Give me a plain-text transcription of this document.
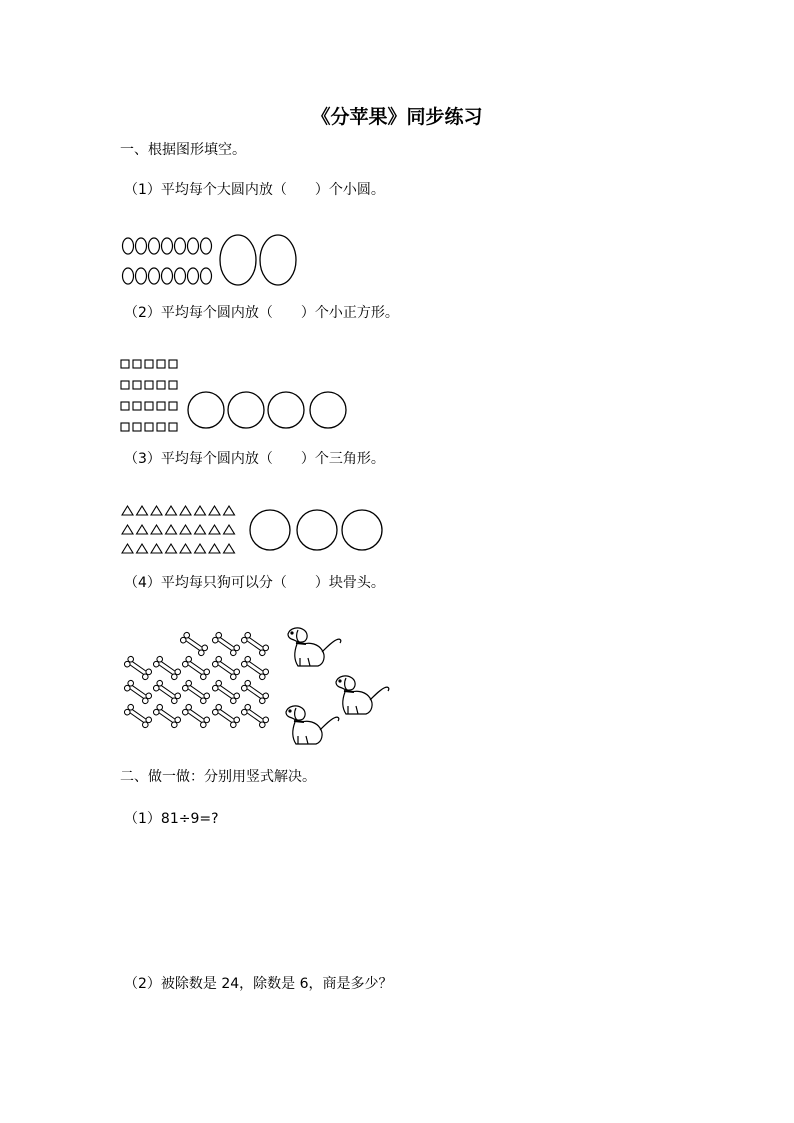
《分苹果》同步练习
一、根据图形填空。
（1）平均每个大圆内放（　　）个小圆。
（2）平均每个圆内放（　　）个小正方形。
（3）平均每个圆内放（　　）个三角形。
（4）平均每只狗可以分（　　）块骨头。
二、做一做：分别用竖式解决。
（1）81÷9=?
（2）被除数是 24，除数是 6，商是多少？
